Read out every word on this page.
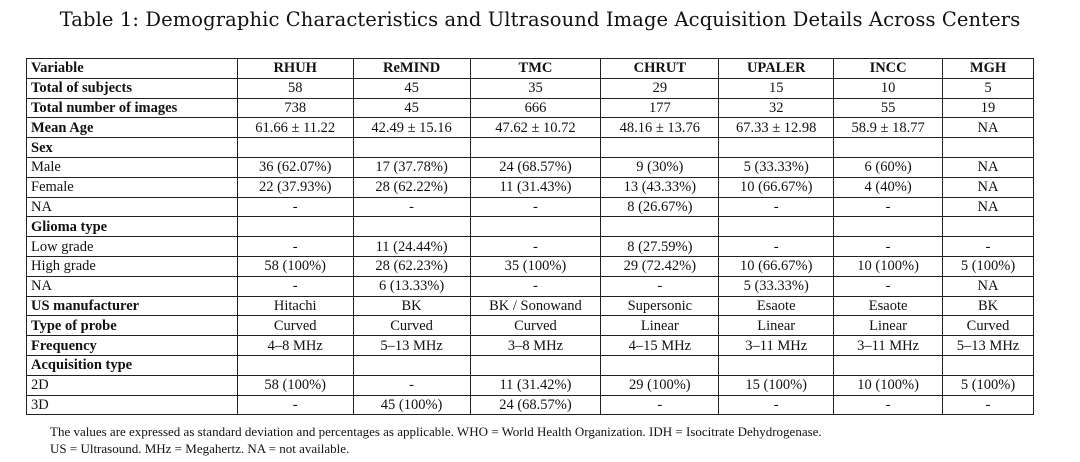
Table 1: Demographic Characteristics and Ultrasound Image Acquisition Details Across Centers
Variable	RHUH	ReMIND	TMC	CHRUT	UPALER	INCC	MGH
Total of subjects	58	45	35	29	15	10	5
Total number of images	738	45	666	177	32	55	19
Mean Age	61.66 ± 11.22	42.49 ± 15.16	47.62 ± 10.72	48.16 ± 13.76	67.33 ± 12.98	58.9 ± 18.77	NA
Sex							
Male	36 (62.07%)	17 (37.78%)	24 (68.57%)	9 (30%)	5 (33.33%)	6 (60%)	NA
Female	22 (37.93%)	28 (62.22%)	11 (31.43%)	13 (43.33%)	10 (66.67%)	4 (40%)	NA
NA	-	-	-	8 (26.67%)	-	-	NA
Glioma type							
Low grade	-	11 (24.44%)	-	8 (27.59%)	-	-	-
High grade	58 (100%)	28 (62.23%)	35 (100%)	29 (72.42%)	10 (66.67%)	10 (100%)	5 (100%)
NA	-	6 (13.33%)	-	-	5 (33.33%)	-	NA
US manufacturer	Hitachi	BK	BK / Sonowand	Supersonic	Esaote	Esaote	BK
Type of probe	Curved	Curved	Curved	Linear	Linear	Linear	Curved
Frequency	4–8 MHz	5–13 MHz	3–8 MHz	4–15 MHz	3–11 MHz	3–11 MHz	5–13 MHz
Acquisition type							
2D	58 (100%)	-	11 (31.42%)	29 (100%)	15 (100%)	10 (100%)	5 (100%)
3D	-	45 (100%)	24 (68.57%)	-	-	-	-
The values are expressed as standard deviation and percentages as applicable. WHO = World Health Organization. IDH = Isocitrate Dehydrogenase.
US = Ultrasound. MHz = Megahertz. NA = not available.
